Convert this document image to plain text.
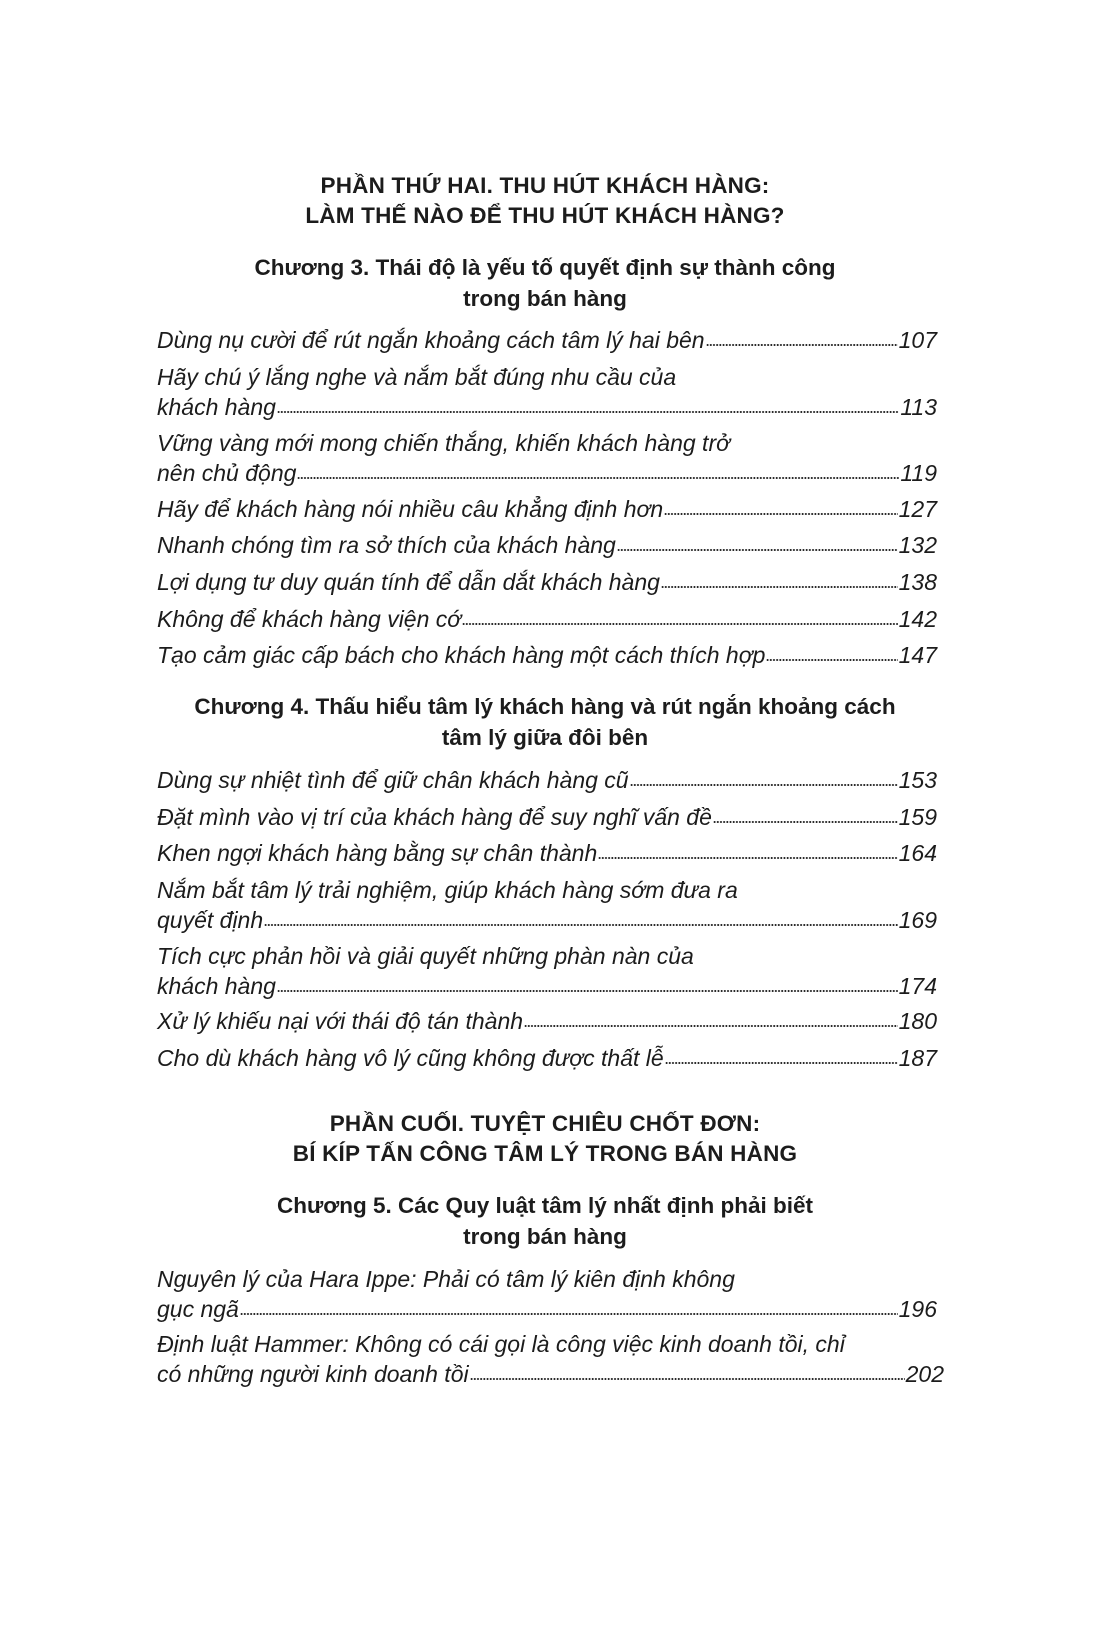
PHẦN THỨ HAI. THU HÚT KHÁCH HÀNG:
LÀM THẾ NÀO ĐỂ THU HÚT KHÁCH HÀNG?
Chương 3. Thái độ là yếu tố quyết định sự thành công
trong bán hàng
Dùng nụ cười để rút ngắn khoảng cách tâm lý hai bên	107
Hãy chú ý lắng nghe và nắm bắt đúng nhu cầu của
khách hàng	113
Vững vàng mới mong chiến thắng, khiến khách hàng trở
nên chủ động	119
Hãy để khách hàng nói nhiều câu khẳng định hơn	127
Nhanh chóng tìm ra sở thích của khách hàng	132
Lợi dụng tư duy quán tính để dẫn dắt khách hàng	138
Không để khách hàng viện cớ	142
Tạo cảm giác cấp bách cho khách hàng một cách thích hợp	147
Chương 4. Thấu hiểu tâm lý khách hàng và rút ngắn khoảng cách
tâm lý giữa đôi bên
Dùng sự nhiệt tình để giữ chân khách hàng cũ	153
Đặt mình vào vị trí của khách hàng để suy nghĩ vấn đề	159
Khen ngợi khách hàng bằng sự chân thành	164
Nắm bắt tâm lý trải nghiệm, giúp khách hàng sớm đưa ra
quyết định	169
Tích cực phản hồi và giải quyết những phàn nàn của
khách hàng	174
Xử lý khiếu nại với thái độ tán thành	180
Cho dù khách hàng vô lý cũng không được thất lễ	187
PHẦN CUỐI. TUYỆT CHIÊU CHỐT ĐƠN:
BÍ KÍP TẤN CÔNG TÂM LÝ TRONG BÁN HÀNG
Chương 5. Các Quy luật tâm lý nhất định phải biết
trong bán hàng
Nguyên lý của Hara Ippe: Phải có tâm lý kiên định không
gục ngã	196
Định luật Hammer: Không có cái gọi là công việc kinh doanh tồi, chỉ
có những người kinh doanh tồi	202
